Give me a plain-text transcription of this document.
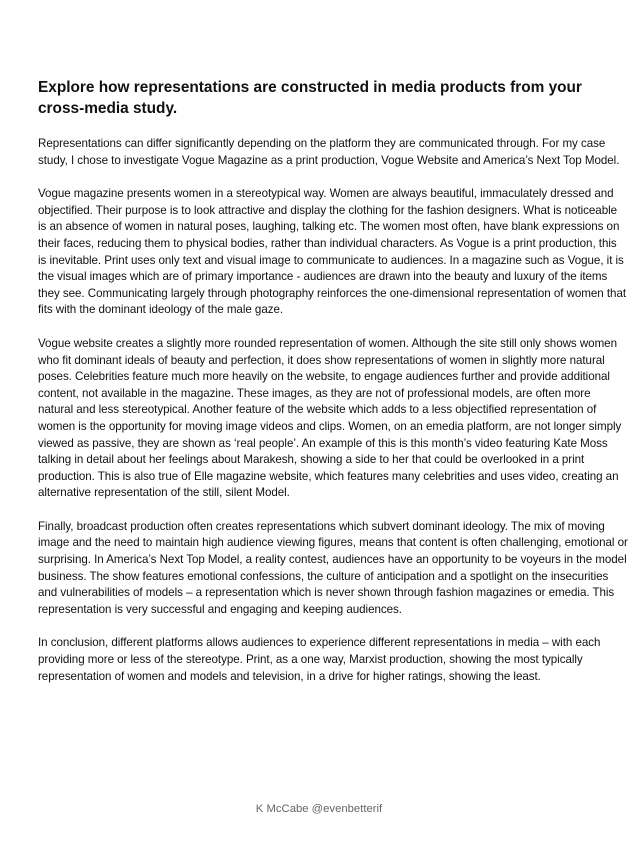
Explore how representations are constructed in media products from your cross-media study.

Representations can differ significantly depending on the platform they are communicated through. For my case study, I chose to investigate Vogue Magazine as a print production, Vogue Website and America’s Next Top Model.

Vogue magazine presents women in a stereotypical way. Women are always beautiful, immaculately dressed and objectified. Their purpose is to look attractive and display the clothing for the fashion designers. What is noticeable is an absence of women in natural poses, laughing, talking etc. The women most often, have blank expressions on their faces, reducing them to physical bodies, rather than individual characters. As Vogue is a print production, this is inevitable. Print uses only text and visual image to communicate to audiences. In a magazine such as Vogue, it is the visual images which are of primary importance - audiences are drawn into the beauty and luxury of the items they see. Communicating largely through photography reinforces the one-dimensional representation of women that fits with the dominant ideology of the male gaze.

Vogue website creates a slightly more rounded representation of women. Although the site still only shows women who fit dominant ideals of beauty and perfection, it does show representations of women in slightly more natural poses. Celebrities feature much more heavily on the website, to engage audiences further and provide additional content, not available in the magazine. These images, as they are not of professional models, are often more natural and less stereotypical. Another feature of the website which adds to a less objectified representation of women is the opportunity for moving image videos and clips. Women, on an emedia platform, are not longer simply viewed as passive, they are shown as ‘real people’. An example of this is this month’s video featuring Kate Moss talking in detail about her feelings about Marakesh, showing a side to her that could be overlooked in a print production. This is also true of Elle magazine website, which features many celebrities and uses video, creating an alternative representation of the still, silent Model.

Finally, broadcast production often creates representations which subvert dominant ideology. The mix of moving image and the need to maintain high audience viewing figures, means that content is often challenging, emotional or surprising. In America’s Next Top Model, a reality contest, audiences have an opportunity to be voyeurs in the model business. The show features emotional confessions, the culture of anticipation and a spotlight on the insecurities and vulnerabilities of models – a representation which is never shown through fashion magazines or emedia. This representation is very successful and engaging and keeping audiences.

In conclusion, different platforms allows audiences to experience different representations in media – with each providing more or less of the stereotype. Print, as a one way, Marxist production, showing the most typically representation of women and models and television, in a drive for higher ratings, showing the least.

K McCabe @evenbetterif
